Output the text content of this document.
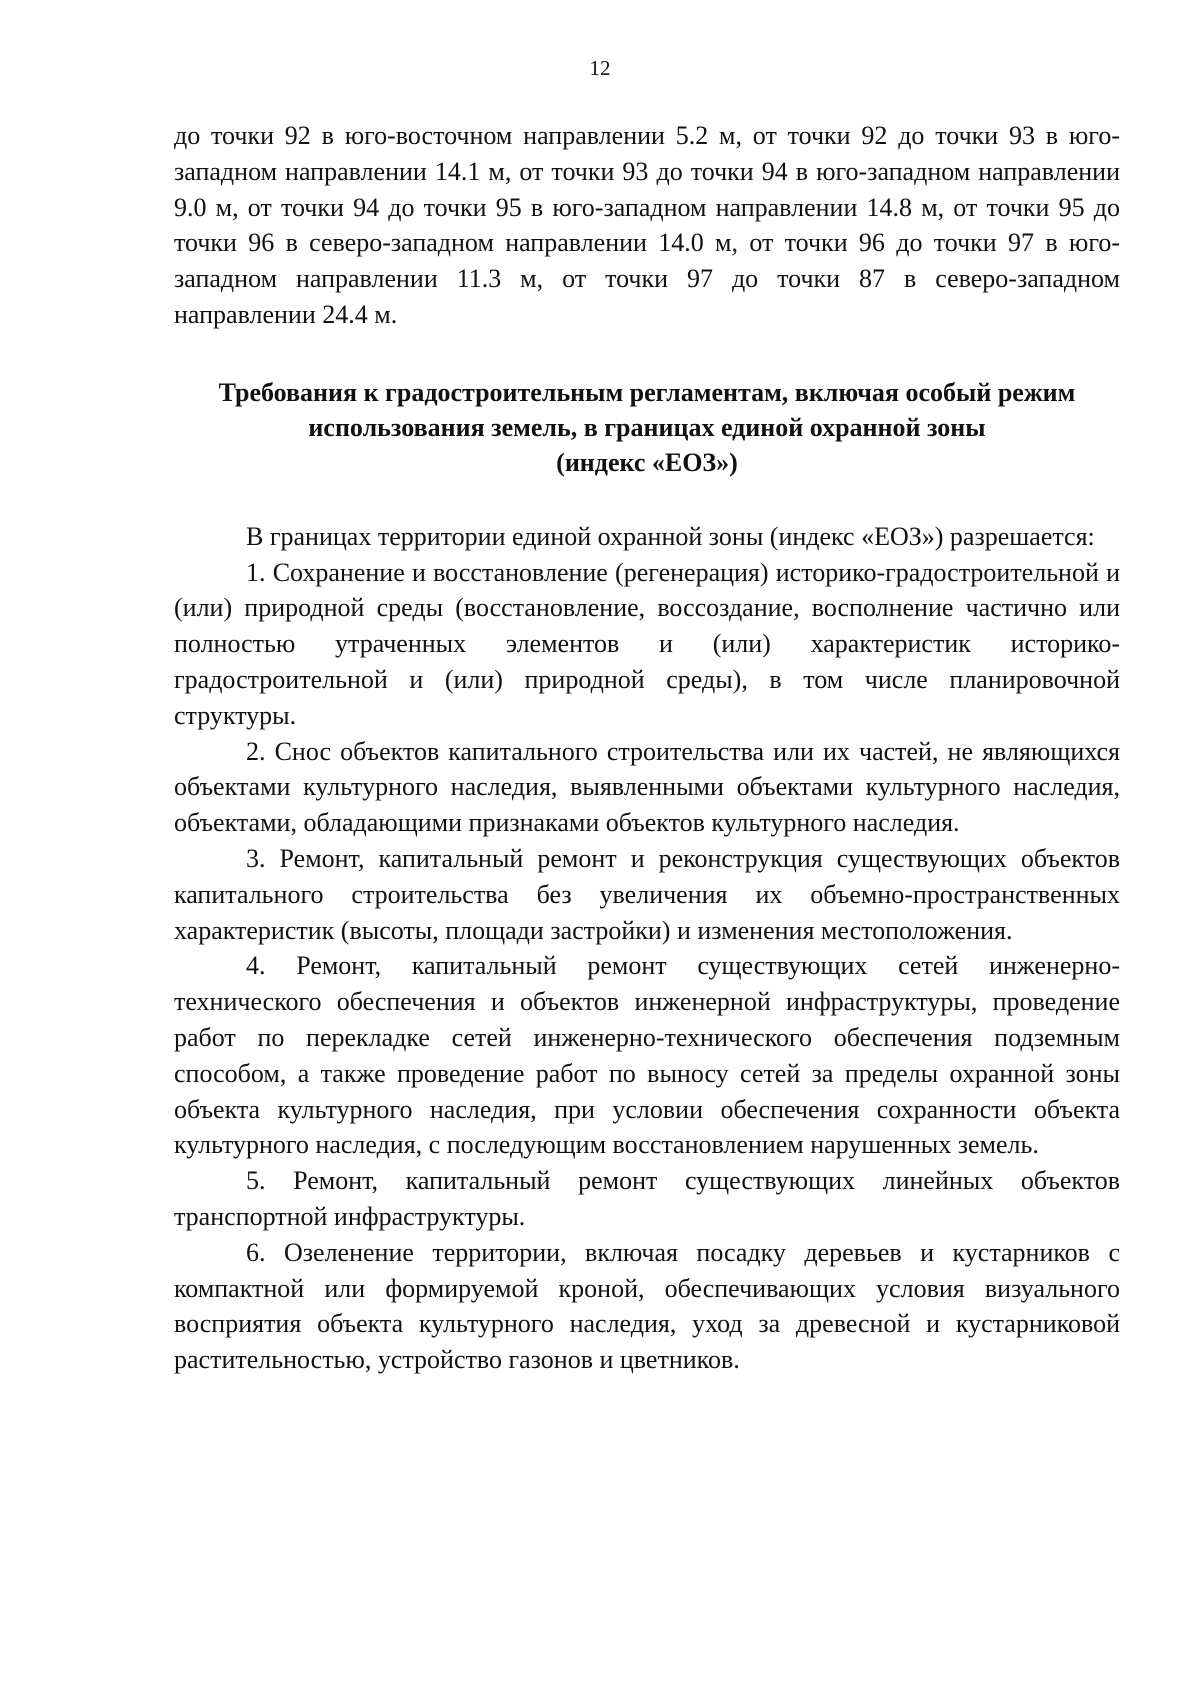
12

до точки 92 в юго-восточном направлении 5.2 м, от точки 92 до точки 93 в юго-западном направлении 14.1 м, от точки 93 до точки 94 в юго-западном направлении 9.0 м, от точки 94 до точки 95 в юго-западном направлении 14.8 м, от точки 95 до точки 96 в северо-западном направлении 14.0 м, от точки 96 до точки 97 в юго-западном направлении 11.3 м, от точки 97 до точки 87 в северо-западном направлении 24.4 м.

Требования к градостроительным регламентам, включая особый режим
использования земель, в границах единой охранной зоны
(индекс «ЕОЗ»)

В границах территории единой охранной зоны (индекс «ЕОЗ») разрешается:

1. Сохранение и восстановление (регенерация) историко-градостроительной и (или) природной среды (восстановление, воссоздание, восполнение частично или полностью утраченных элементов и (или) характеристик историко-градостроительной и (или) природной среды), в том числе планировочной структуры.

2. Снос объектов капитального строительства или их частей, не являющихся объектами культурного наследия, выявленными объектами культурного наследия, объектами, обладающими признаками объектов культурного наследия.

3. Ремонт, капитальный ремонт и реконструкция существующих объектов капитального строительства без увеличения их объемно-пространственных характеристик (высоты, площади застройки) и изменения местоположения.

4. Ремонт, капитальный ремонт существующих сетей инженерно-технического обеспечения и объектов инженерной инфраструктуры, проведение работ по перекладке сетей инженерно-технического обеспечения подземным способом, а также проведение работ по выносу сетей за пределы охранной зоны объекта культурного наследия, при условии обеспечения сохранности объекта культурного наследия, с последующим восстановлением нарушенных земель.

5. Ремонт, капитальный ремонт существующих линейных объектов транспортной инфраструктуры.

6. Озеленение территории, включая посадку деревьев и кустарников с компактной или формируемой кроной, обеспечивающих условия визуального восприятия объекта культурного наследия, уход за древесной и кустарниковой растительностью, устройство газонов и цветников.
